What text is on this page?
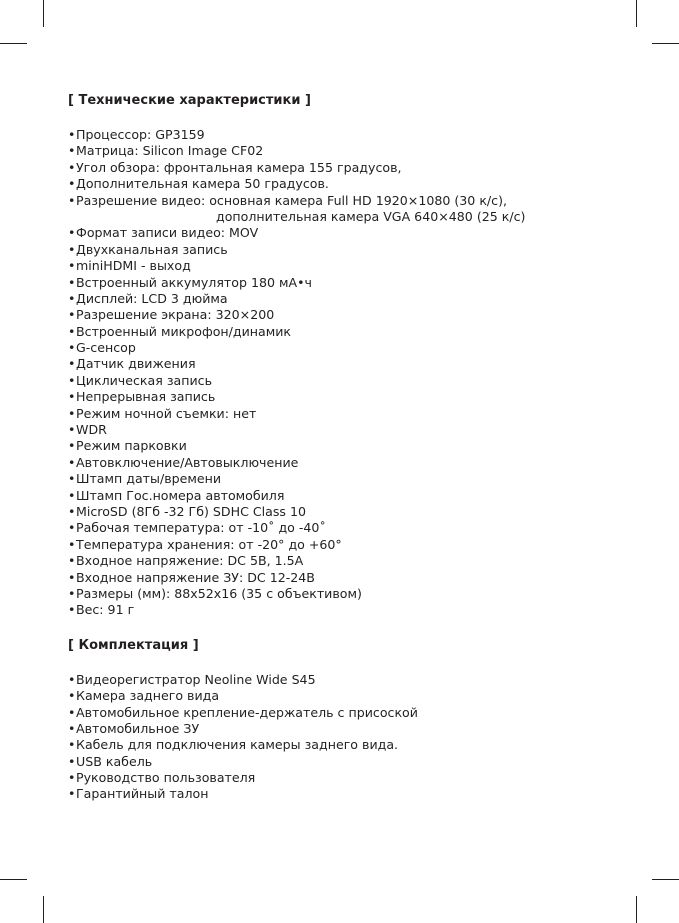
[ Технические характеристики ]
•Процессор: GP3159
•Матрица: Silicon Image CF02
•Угол обзора: фронтальная камера 155 градусов,
•Дополнительная камера 50 градусов.
•Разрешение видео: основная камера Full HD 1920×1080 (30 к/с),
дополнительная камера VGA 640×480 (25 к/с)
•Формат записи видео: MOV
•Двухканальная запись
•miniHDMI - выход
•Встроенный аккумулятор 180 мА•ч
•Дисплей: LCD 3 дюйма
•Разрешение экрана: 320×200
•Встроенный микрофон/динамик
•G-сенсор
•Датчик движения
•Циклическая запись
•Непрерывная запись
•Режим ночной съемки: нет
•WDR
•Режим парковки
•Автовключение/Автовыключение
•Штамп даты/времени
•Штамп Гос.номера автомобиля
•MicroSD (8Гб -32 Гб) SDHC Class 10
•Рабочая температура: от -10˚ до -40˚
•Температура хранения: от -20° до +60°
•Входное напряжение: DC 5В, 1.5А
•Входное напряжение ЗУ: DC 12-24В
•Размеры (мм): 88x52x16 (35 с объективом)
•Вес: 91 г
[ Комплектация ]
•Видеорегистратор Neoline Wide S45
•Камера заднего вида
•Автомобильное крепление-держатель с присоской
•Автомобильное ЗУ
•Кабель для подключения камеры заднего вида.
•USB кабель
•Руководство пользователя
•Гарантийный талон
